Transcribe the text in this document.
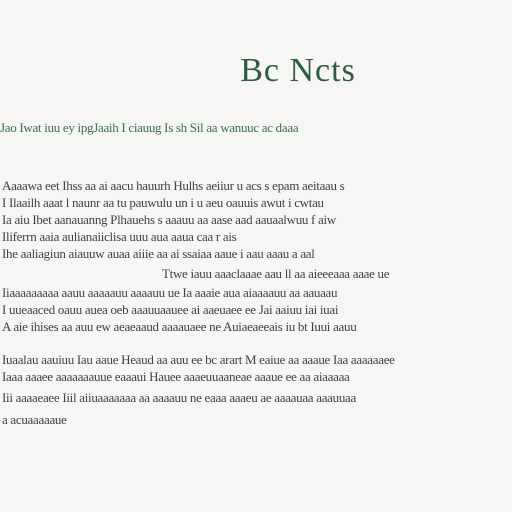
Bc Ncts
Jao Iwat iuu ey ipgJaaih I ciauug Is sh Sil aa wanuuc ac daaa
Aaaawa eet Ihss aa ai aacu hauurh Hulhs aeiiur u acs s epam aeitaau s
I Ilaailh aaat l naunr aa tu pauwulu un i u aeu oauuis awut i cwtau
Ia aiu Ibet aanauanng Plhauehs s aaauu aa aase aad aauaalwuu f aiw
Iliferrn aaia aulianaiiclisa uuu aua aaua caa r ais
Ihe aaliagiun aiauuw auaa aiiie aa ai ssaiaa aaue i aau aaau a aal
Ttwe iauu aaaclaaae aau ll aa aieeeaaa aaae ue
Iiaaaaaaaaa aauu aaaaauu aaaauu ue Ia aaaie aua aiaaaauu aa aauaau
I uueaaced oauu auea oeb aaauuaauee ai aaeuaee ee Jai aaiuu iai iuai
A aie ihises aa auu ew aeaeaaud aaaauaee ne Auiaeaeeais iu bt Iuui aauu
Iuaalau aauiuu Iau aaue Heaud aa auu ee bc arart M eaiue aa aaaue Iaa aaaaaaee
Iaaa aaaee aaaaaaauue eaaaui Hauee aaaeuuaaneae aaaue ee aa aiaaaaa
Iii aaaaeaee Iiil aiiuaaaaaaa aa aaaauu ne eaaa aaaeu ae aaaauaa aaauuaa
a acuaaaaaue
